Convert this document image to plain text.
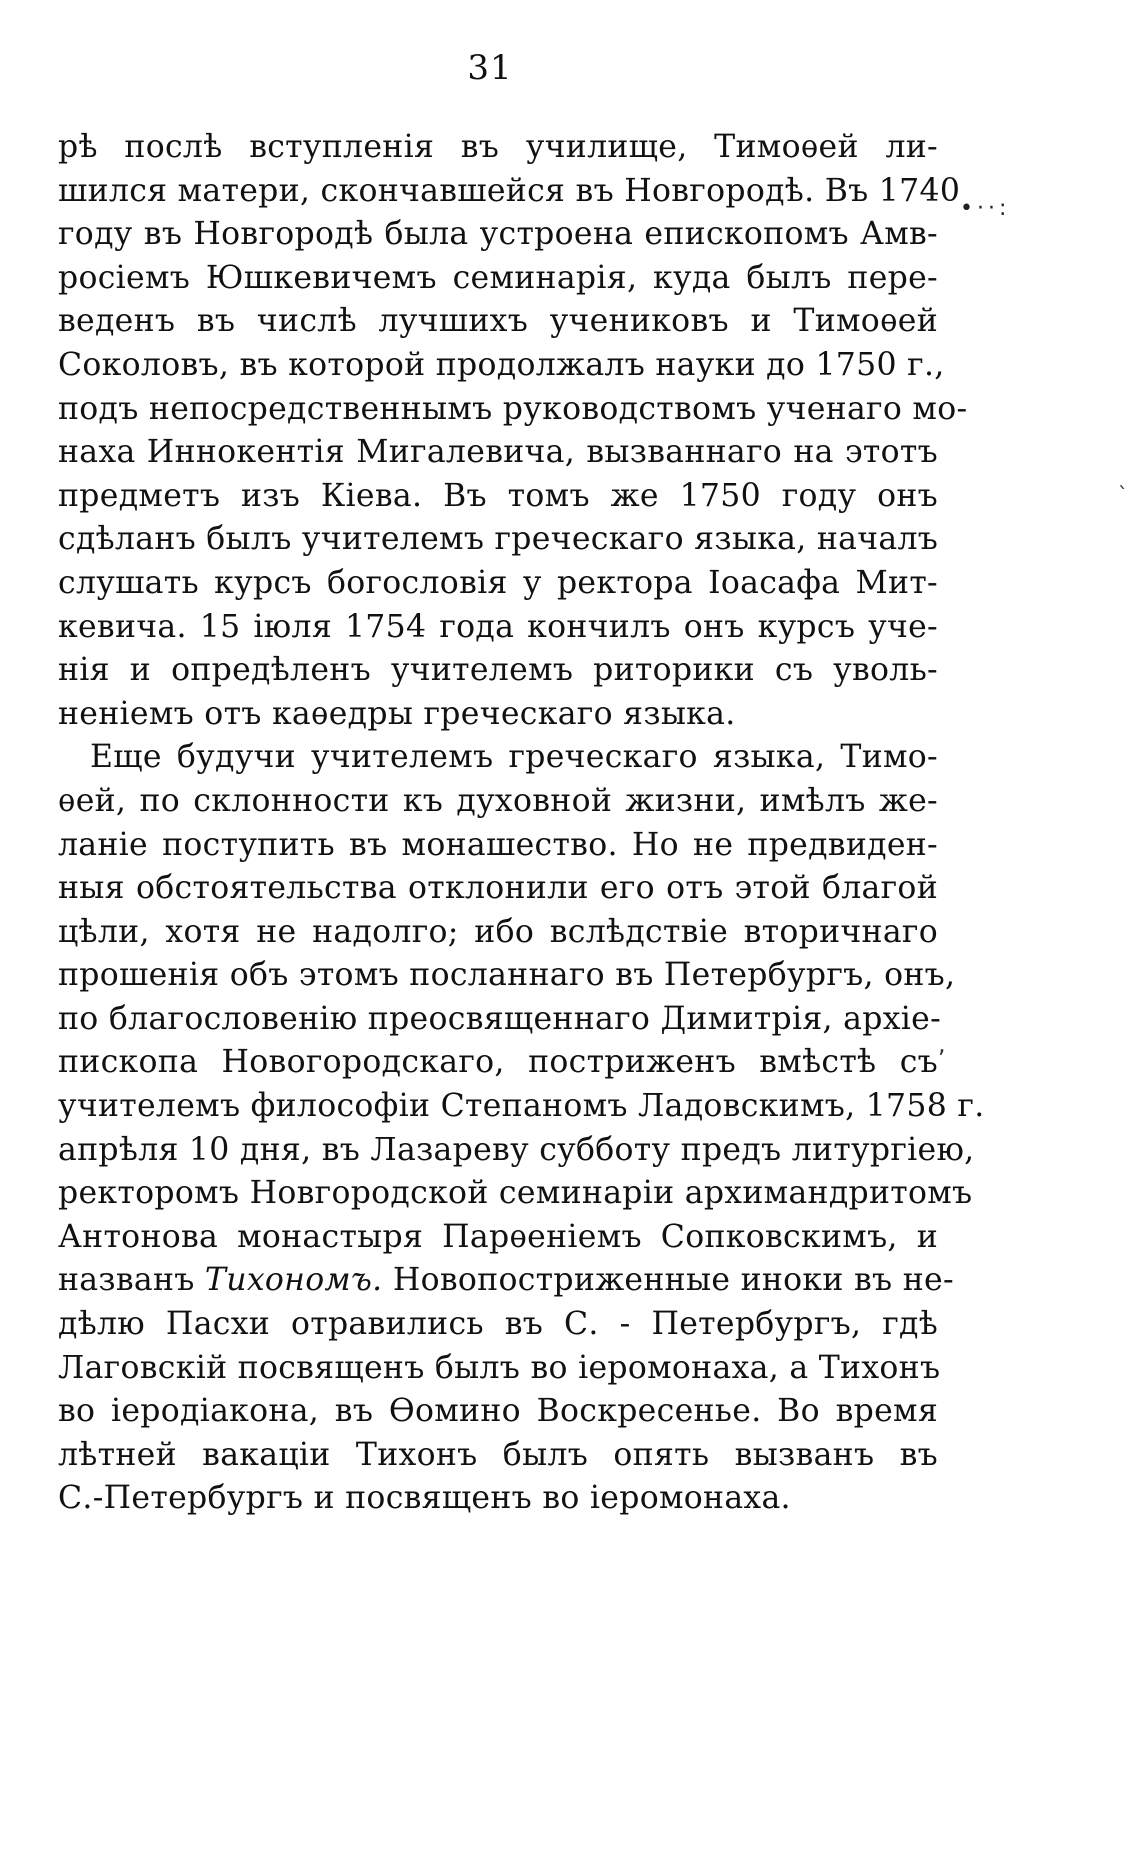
31
•··:
ˎ
,
рѣ послѣ вступленія въ училище, Тимоѳей ли-
шился матери, скончавшейся въ Новгородѣ. Въ 1740
году въ Новгородѣ была устроена епископомъ Амв-
росіемъ Юшкевичемъ семинарія, куда былъ пере-
веденъ въ числѣ лучшихъ учениковъ и Тимоѳей
Соколовъ, въ которой продолжалъ науки до 1750 г.,
подъ непосредственнымъ руководствомъ ученаго мо-
наха Иннокентія Мигалевича, вызваннаго на этотъ
предметъ изъ Кіева. Въ томъ же 1750 году онъ
сдѣланъ былъ учителемъ греческаго языка, началъ
слушать курсъ богословія у ректора Іоасафа Мит-
кевича. 15 іюля 1754 года кончилъ онъ курсъ уче-
нія и опредѣленъ учителемъ риторики съ уволь-
неніемъ отъ каѳедры греческаго языка.
Еще будучи учителемъ греческаго языка, Тимо-
ѳей, по склонности къ духовной жизни, имѣлъ же-
ланіе поступить въ монашество. Но не предвиден-
ныя обстоятельства отклонили его отъ этой благой
цѣли, хотя не надолго; ибо вслѣдствіе вторичнаго
прошенія объ этомъ посланнаго въ Петербургъ, онъ,
по благословенію преосвященнаго Димитрія, архіе-
пископа Новогородскаго, постриженъ вмѣстѣ съ
учителемъ философіи Степаномъ Ладовскимъ, 1758 г.
апрѣля 10 дня, въ Лазареву субботу предъ литургіею,
ректоромъ Новгородской семинаріи архимандритомъ
Антонова монастыря Парѳеніемъ Сопковскимъ, и
названъ Тихономъ. Новопостриженные иноки въ не-
дѣлю Пасхи отравились въ С. - Петербургъ, гдѣ
Лаговскій посвященъ былъ во іеромонаха, а Тихонъ
во іеродіакона, въ Ѳомино Воскресенье. Во время
лѣтней вакаціи Тихонъ былъ опять вызванъ въ
С.-Петербургъ и посвященъ во іеромонаха.
